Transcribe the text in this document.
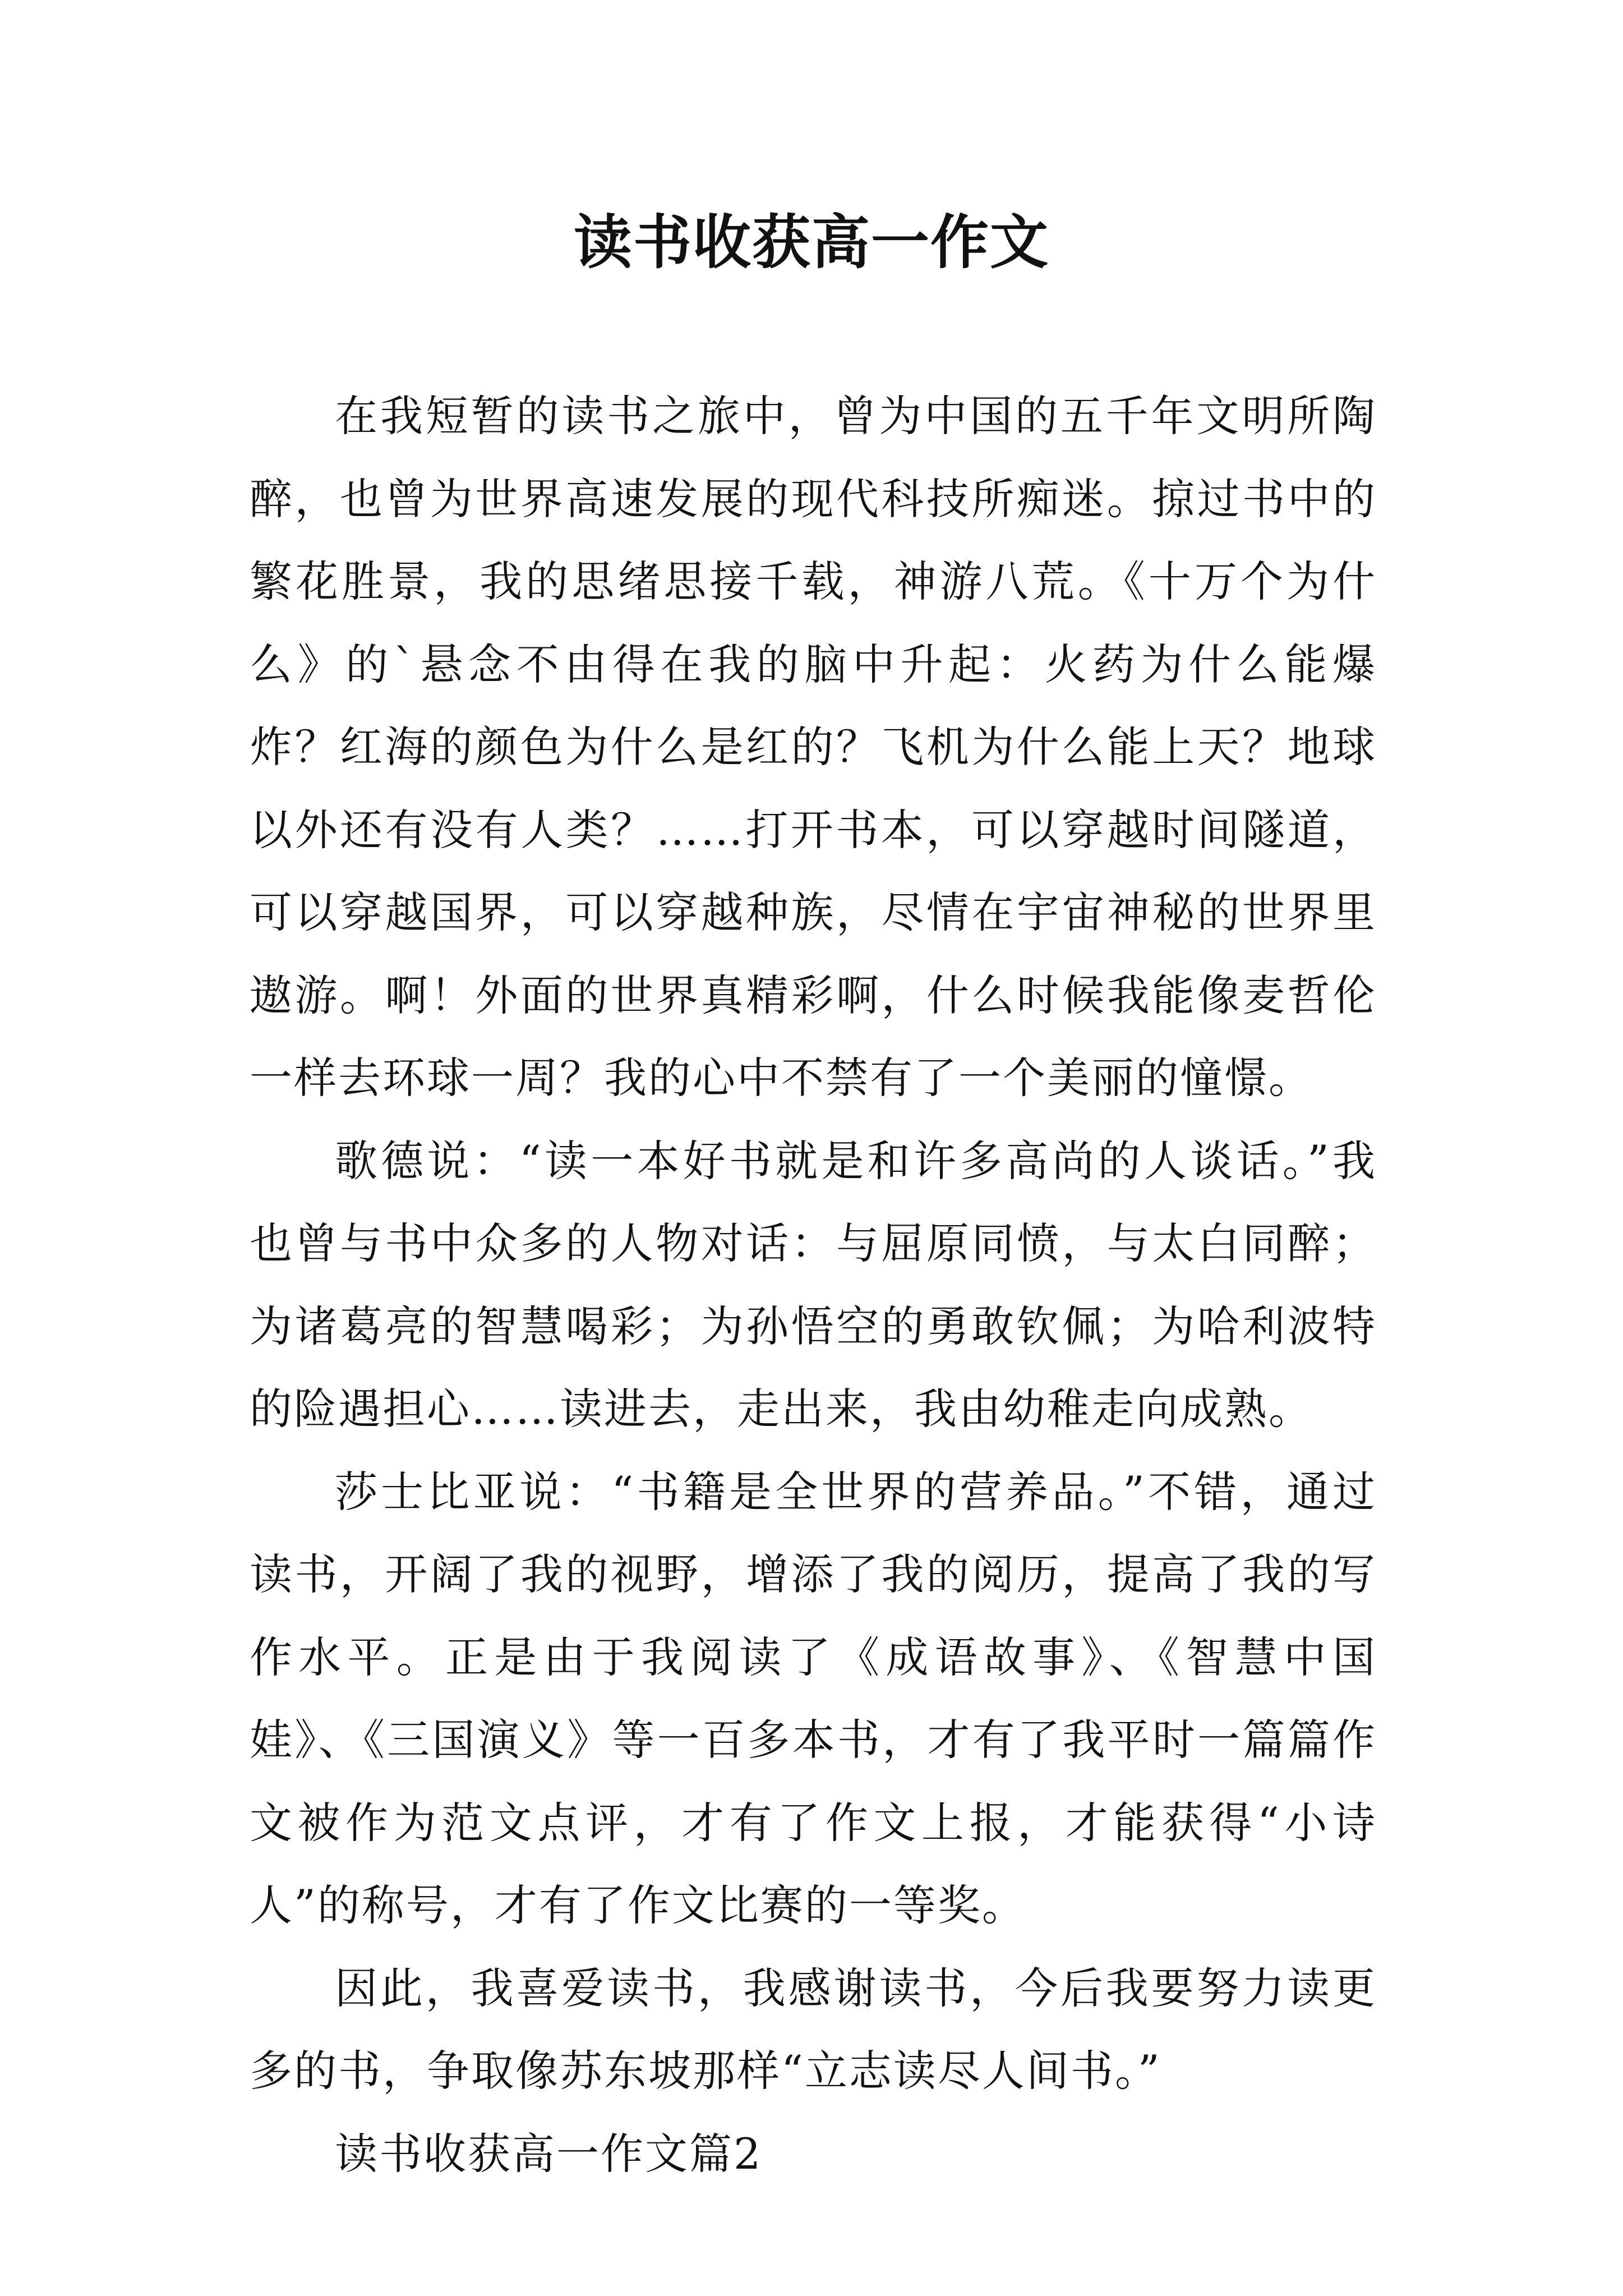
读书收获高一作文

在我短暂的读书之旅中，曾为中国的五千年文明所陶醉，也曾为世界高速发展的现代科技所痴迷。掠过书中的繁花胜景，我的思绪思接千载，神游八荒。《十万个为什么》的`悬念不由得在我的脑中升起：火药为什么能爆炸？红海的颜色为什么是红的？飞机为什么能上天？地球以外还有没有人类？……打开书本，可以穿越时间隧道，可以穿越国界，可以穿越种族，尽情在宇宙神秘的世界里遨游。啊！外面的世界真精彩啊，什么时候我能像麦哲伦一样去环球一周？我的心中不禁有了一个美丽的憧憬。

歌德说：“读一本好书就是和许多高尚的人谈话。”我也曾与书中众多的人物对话：与屈原同愤，与太白同醉；为诸葛亮的智慧喝彩；为孙悟空的勇敢钦佩；为哈利波特的险遇担心……读进去，走出来，我由幼稚走向成熟。

莎士比亚说：“书籍是全世界的营养品。”不错，通过读书，开阔了我的视野，增添了我的阅历，提高了我的写作水平。正是由于我阅读了《成语故事》、《智慧中国娃》、《三国演义》等一百多本书，才有了我平时一篇篇作文被作为范文点评，才有了作文上报，才能获得“小诗人”的称号，才有了作文比赛的一等奖。

因此，我喜爱读书，我感谢读书，今后我要努力读更多的书，争取像苏东坡那样“立志读尽人间书。”

读书收获高一作文篇2
